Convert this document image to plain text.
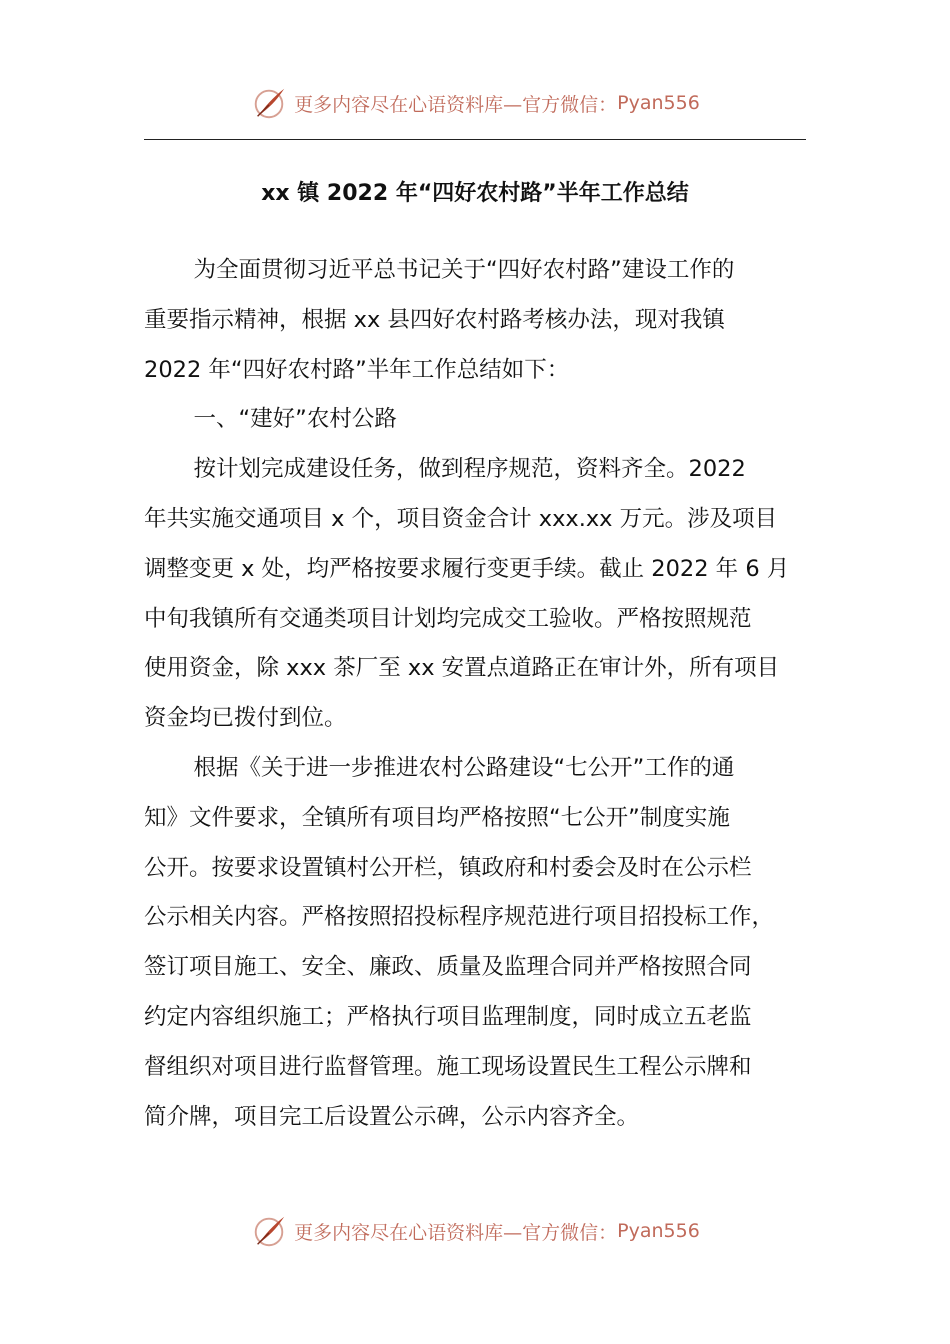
更多内容尽在心语资料库—官方微信： Pyan556
xx 镇 2022 年“四好农村路”半年工作总结

为全面贯彻习近平总书记关于“四好农村路”建设工作的
重要指示精神，根据 xx 县四好农村路考核办法，现对我镇
2022 年“四好农村路”半年工作总结如下：

一、“建好”农村公路

按计划完成建设任务，做到程序规范，资料齐全。2022
年共实施交通项目 x 个，项目资金合计 xxx.xx 万元。涉及项目
调整变更 x 处，均严格按要求履行变更手续。截止 2022 年 6 月
中旬我镇所有交通类项目计划均完成交工验收。严格按照规范
使用资金，除 xxx 茶厂至 xx 安置点道路正在审计外，所有项目
资金均已拨付到位。

根据《关于进一步推进农村公路建设“七公开”工作的通
知》文件要求，全镇所有项目均严格按照“七公开”制度实施
公开。按要求设置镇村公开栏，镇政府和村委会及时在公示栏
公示相关内容。严格按照招投标程序规范进行项目招投标工作，
签订项目施工、安全、廉政、质量及监理合同并严格按照合同
约定内容组织施工；严格执行项目监理制度，同时成立五老监
督组织对项目进行监督管理。施工现场设置民生工程公示牌和
简介牌，项目完工后设置公示碑，公示内容齐全。

更多内容尽在心语资料库—官方微信： Pyan556
